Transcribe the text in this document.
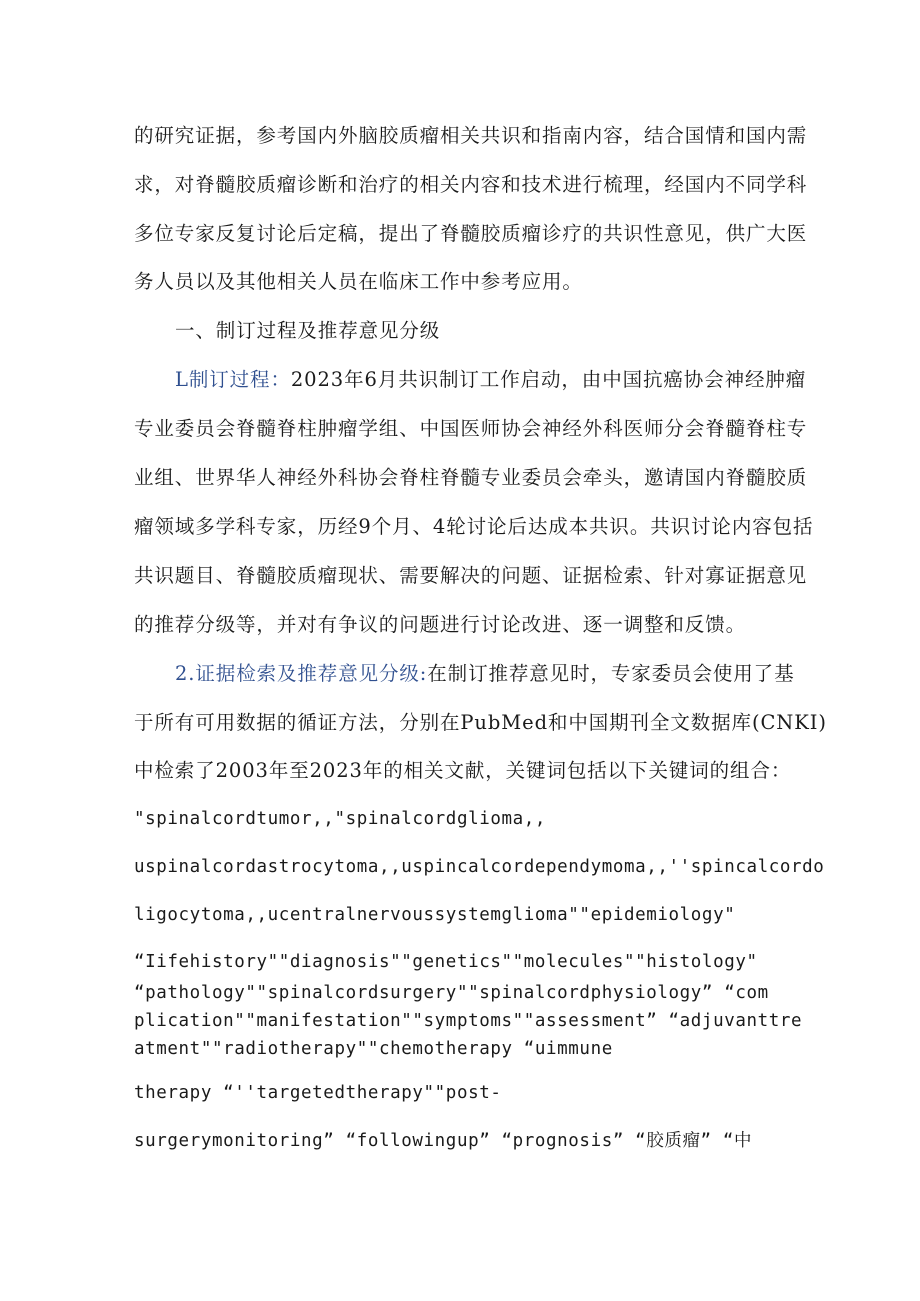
的研究证据，参考国内外脑胶质瘤相关共识和指南内容，结合国情和国内需
求，对脊髓胶质瘤诊断和治疗的相关内容和技术进行梳理，经国内不同学科
多位专家反复讨论后定稿，提出了脊髓胶质瘤诊疗的共识性意见，供广大医
务人员以及其他相关人员在临床工作中参考应用。
一、制订过程及推荐意见分级
L制订过程：2023年6月共识制订工作启动，由中国抗癌协会神经肿瘤
专业委员会脊髓脊柱肿瘤学组、中国医师协会神经外科医师分会脊髓脊柱专
业组、世界华人神经外科协会脊柱脊髓专业委员会牵头，邀请国内脊髓胶质
瘤领域多学科专家，历经9个月、4轮讨论后达成本共识。共识讨论内容包括
共识题目、脊髓胶质瘤现状、需要解决的问题、证据检索、针对寡证据意见
的推荐分级等，并对有争议的问题进行讨论改进、逐一调整和反馈。
2.证据检索及推荐意见分级:在制订推荐意见时，专家委员会使用了基
于所有可用数据的循证方法，分别在PubMed和中国期刊全文数据库(CNKI)
中检索了2003年至2023年的相关文献，关键词包括以下关键词的组合：
"spinalcordtumor,,"spinalcordglioma,,
uspinalcordastrocytoma,,uspincalcordependymoma,,''spincalcordo
ligocytoma,,ucentralnervoussystemglioma""epidemiology"
“Iifehistory""diagnosis""genetics""molecules""histology"
“pathology""spinalcordsurgery""spinalcordphysiology” “com
plication""manifestation""symptoms""assessment” “adjuvanttre
atment""radiotherapy""chemotherapy “uimmune
therapy “''targetedtherapy""post-
surgerymonitoring” “followingup” “prognosis” “胶质瘤” “中
